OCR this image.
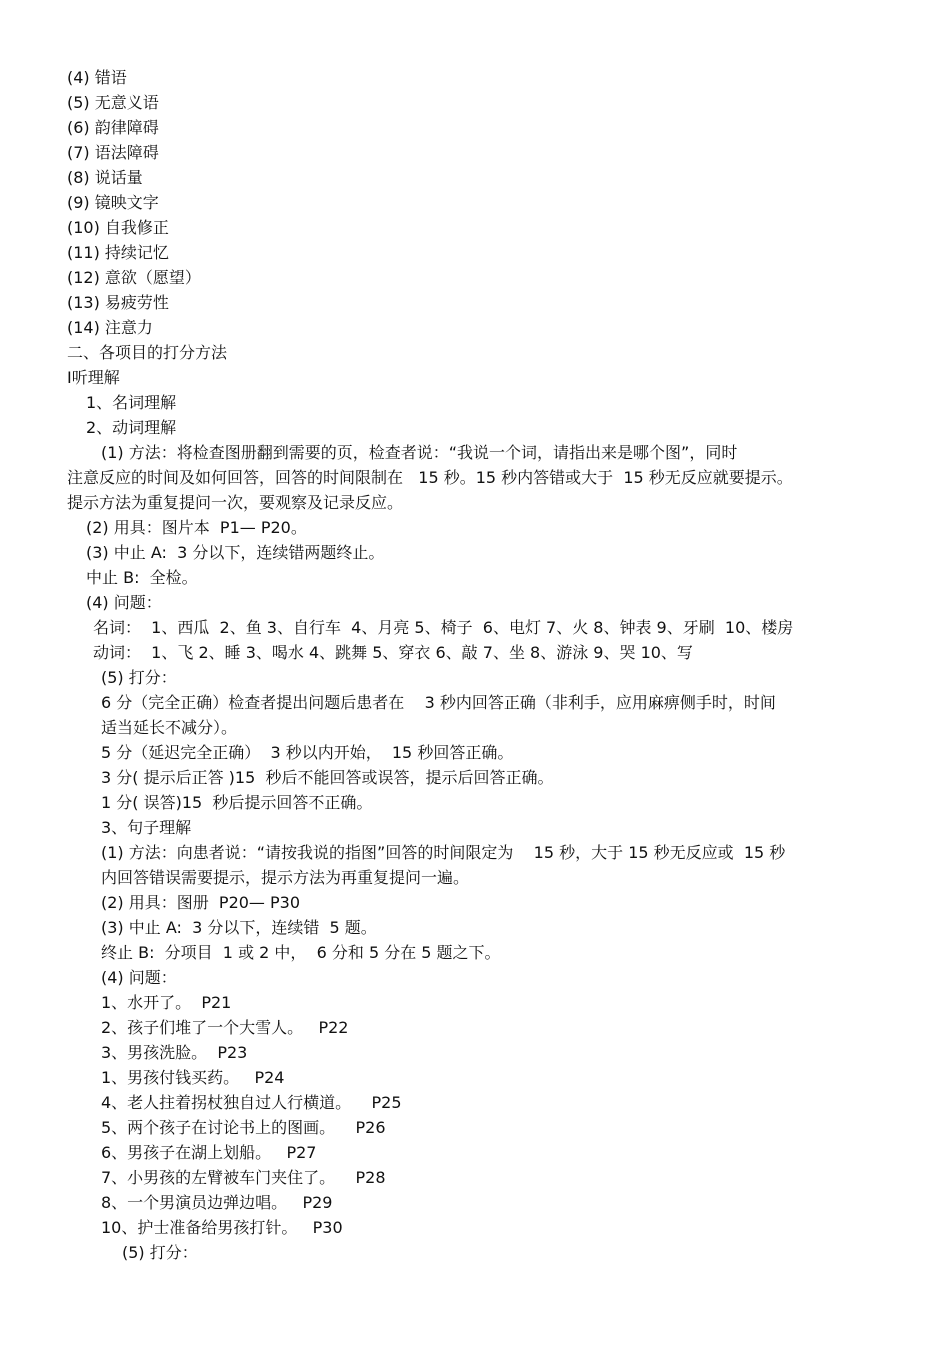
(4) 错语
(5) 无意义语
(6) 韵律障碍
(7) 语法障碍
(8) 说话量
(9) 镜映文字
(10) 自我修正
(11) 持续记忆
(12) 意欲（愿望）
(13) 易疲劳性
(14) 注意力
二、各项目的打分方法
Ⅰ听理解
1、名词理解
2、动词理解
(1) 方法：将检查图册翻到需要的页，检查者说：“我说一个词，请指出来是哪个图”，同时
注意反应的时间及如何回答，回答的时间限制在   15 秒。15 秒内答错或大于  15 秒无反应就要提示。
提示方法为重复提问一次，要观察及记录反应。
(2) 用具：图片本  P1— P20。
(3) 中止 A:  3 分以下，连续错两题终止。
中止 B:  全检。
(4) 问题：
名词：  1、西瓜  2、鱼 3、自行车  4、月亮 5、椅子  6、电灯 7、火 8、钟表 9、牙刷  10、楼房
动词：  1、飞 2、睡 3、喝水 4、跳舞 5、穿衣 6、敲 7、坐 8、游泳 9、哭 10、写
(5) 打分：
6 分（完全正确）检查者提出问题后患者在    3 秒内回答正确（非利手，应用麻痹侧手时，时间
适当延长不减分）。
5 分（延迟完全正确）  3 秒以内开始，  15 秒回答正确。
3 分( 提示后正答 )15  秒后不能回答或误答，提示后回答正确。
1 分( 误答)15  秒后提示回答不正确。
3、句子理解
(1) 方法：向患者说：“请按我说的指图”回答的时间限定为    15 秒，大于 15 秒无反应或  15 秒
内回答错误需要提示，提示方法为再重复提问一遍。
(2) 用具：图册  P20— P30
(3) 中止 A:  3 分以下，连续错  5 题。
终止 B:  分项目  1 或 2 中，  6 分和 5 分在 5 题之下。
(4) 问题：
1、水开了。  P21
2、孩子们堆了一个大雪人。   P22
3、男孩洗脸。  P23
1、男孩付钱买药。   P24
4、老人拄着拐杖独自过人行横道。    P25
5、两个孩子在讨论书上的图画。    P26
6、男孩子在湖上划船。   P27
7、小男孩的左臂被车门夹住了。    P28
8、一个男演员边弹边唱。   P29
10、护士准备给男孩打针。   P30
(5) 打分：
